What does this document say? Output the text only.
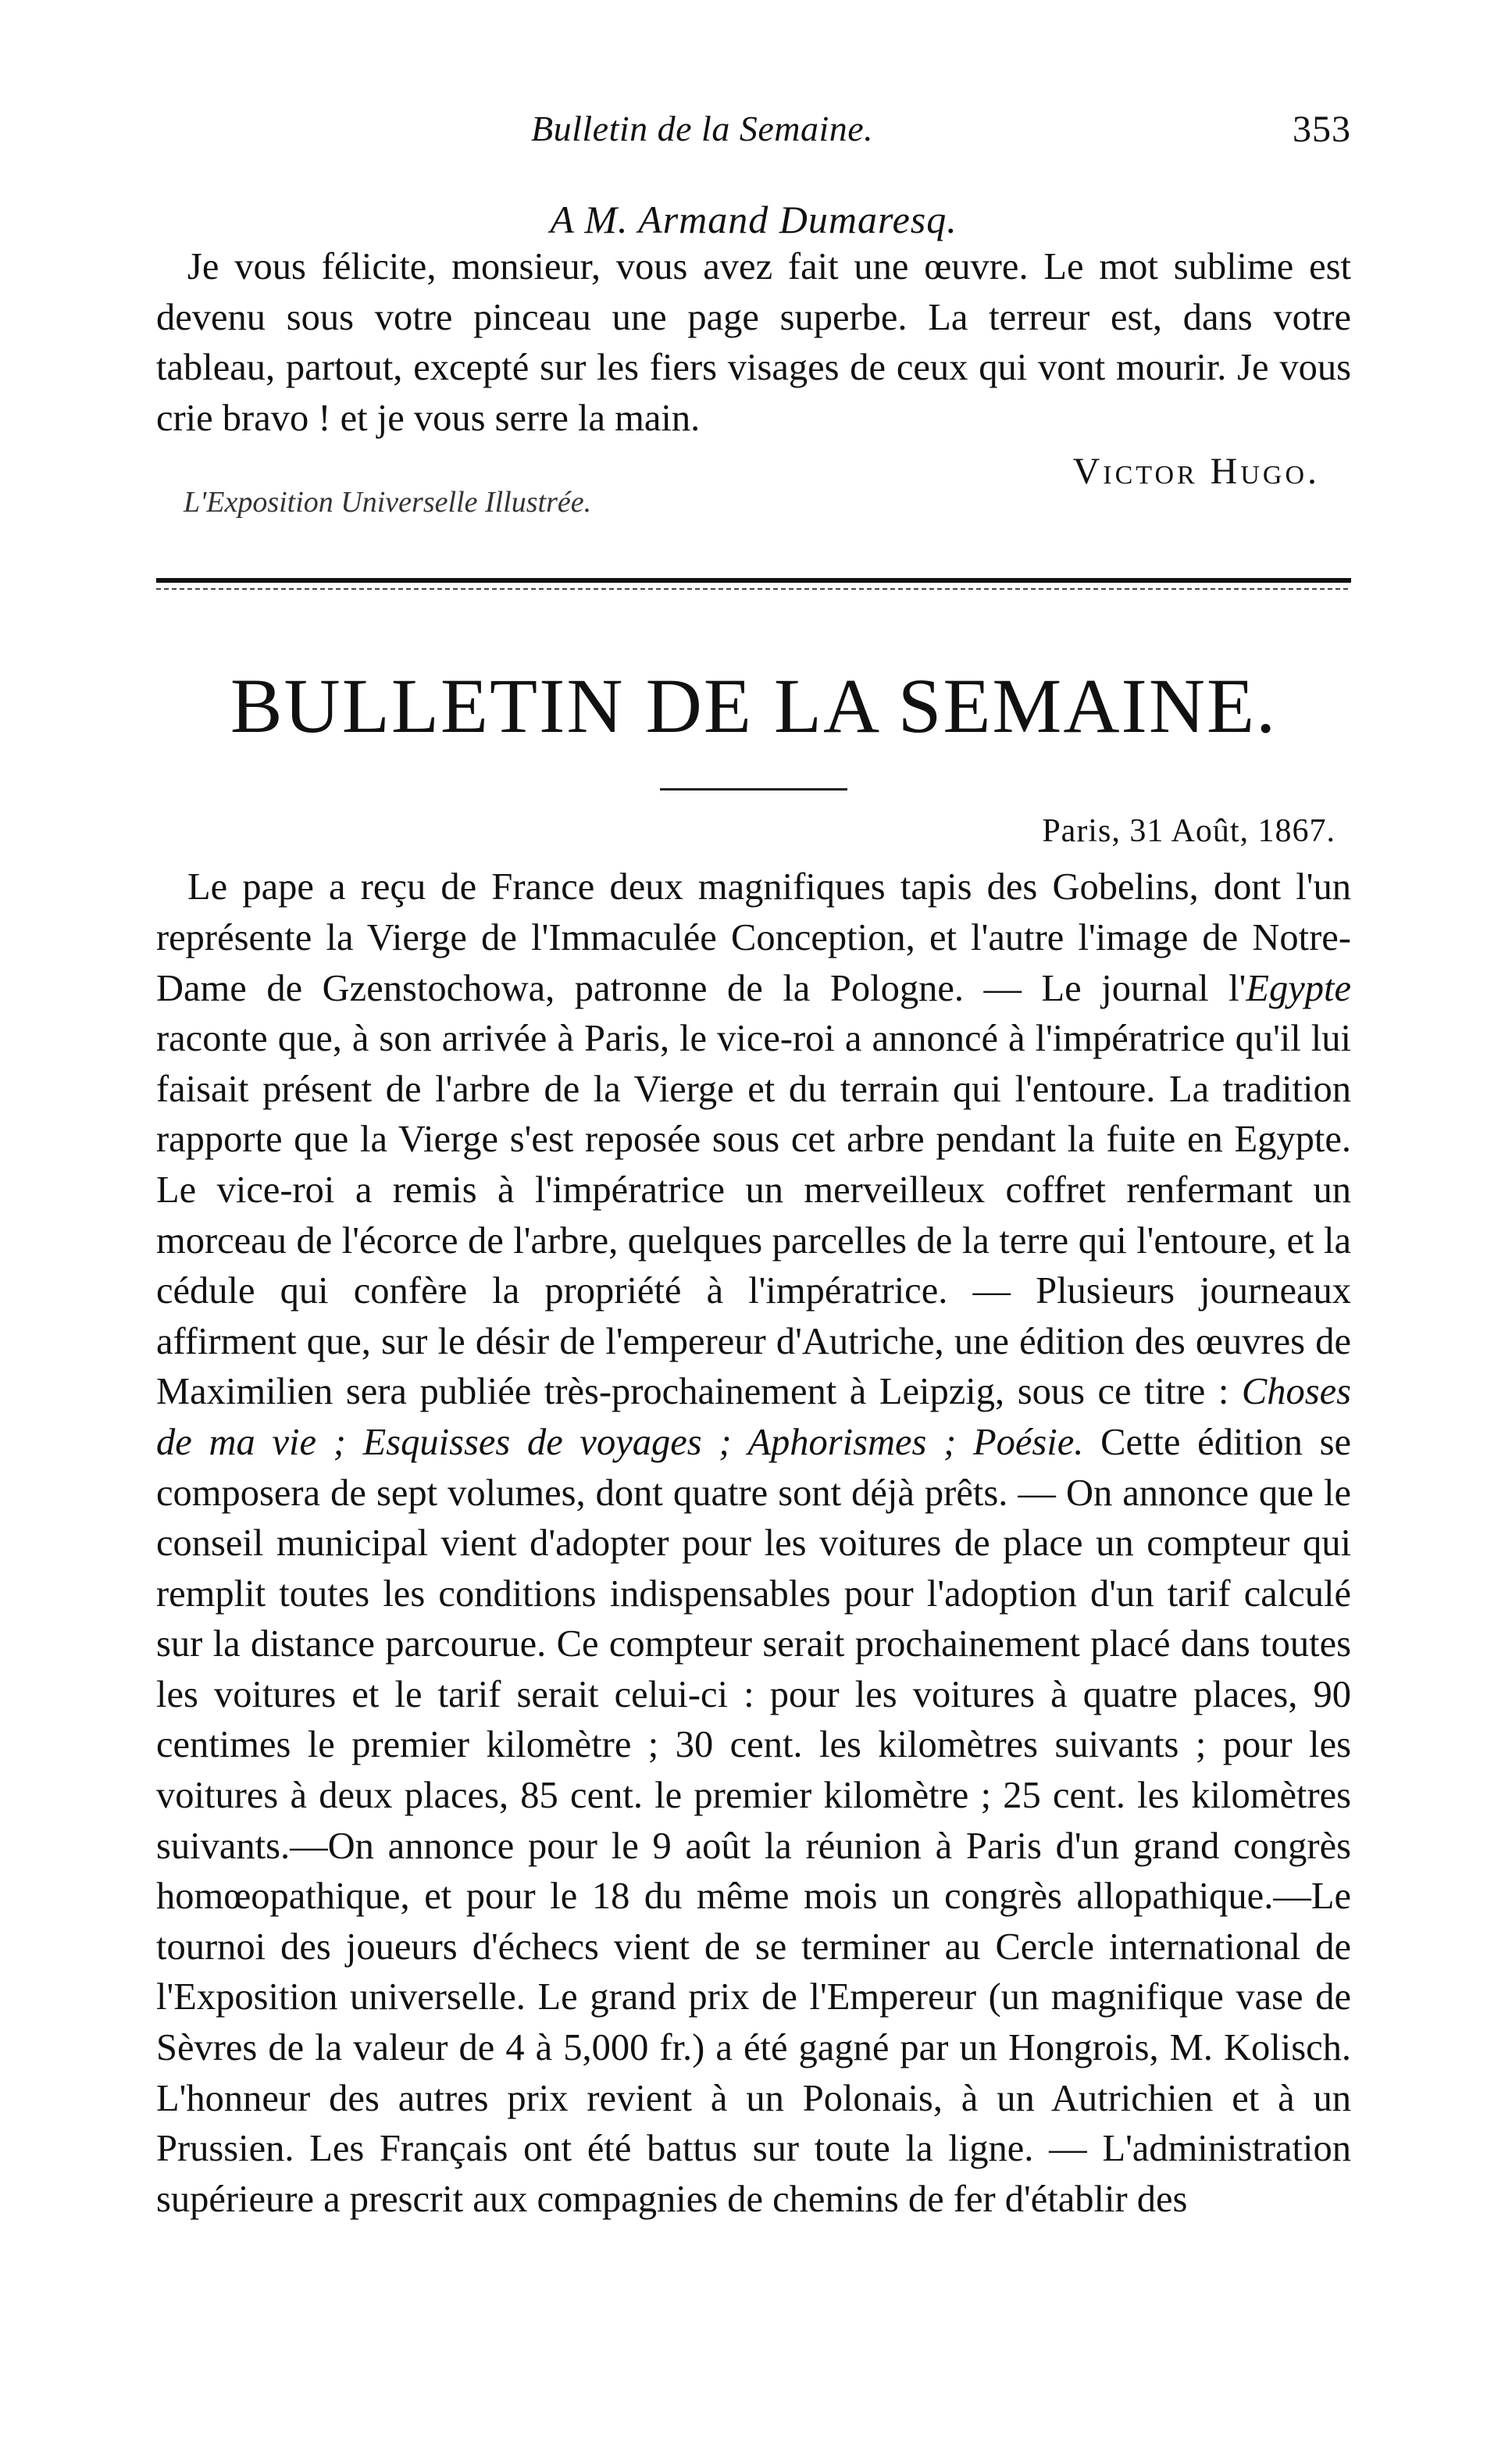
Bulletin de la Semaine.	353
A M. Armand Dumaresq.

Je vous félicite, monsieur, vous avez fait une œuvre. Le mot sublime est devenu sous votre pinceau une page superbe. La terreur est, dans votre tableau, partout, excepté sur les fiers visages de ceux qui vont mourir. Je vous crie bravo ! et je vous serre la main.

Victor Hugo.
L'Exposition Universelle Illustrée.
BULLETIN DE LA SEMAINE.
Paris, 31 Août, 1867.

Le pape a reçu de France deux magnifiques tapis des Gobelins, dont l'un représente la Vierge de l'Immaculée Conception, et l'autre l'image de Notre-Dame de Gzenstochowa, patronne de la Pologne. — Le journal l'Egypte raconte que, à son arrivée à Paris, le vice-roi a annoncé à l'impératrice qu'il lui faisait présent de l'arbre de la Vierge et du terrain qui l'entoure. La tradition rapporte que la Vierge s'est reposée sous cet arbre pendant la fuite en Egypte. Le vice-roi a remis à l'impératrice un merveilleux coffret renfermant un morceau de l'écorce de l'arbre, quelques parcelles de la terre qui l'entoure, et la cédule qui confère la propriété à l'impératrice. — Plusieurs journeaux affirment que, sur le désir de l'empereur d'Autriche, une édition des œuvres de Maximilien sera publiée très-prochainement à Leipzig, sous ce titre : Choses de ma vie ; Esquisses de voyages ; Aphorismes ; Poésie. Cette édition se composera de sept volumes, dont quatre sont déjà prêts. — On annonce que le conseil municipal vient d'adopter pour les voitures de place un compteur qui remplit toutes les conditions indispensables pour l'adoption d'un tarif calculé sur la distance parcourue. Ce compteur serait prochainement placé dans toutes les voitures et le tarif serait celui-ci : pour les voitures à quatre places, 90 centimes le premier kilomètre ; 30 cent. les kilomètres suivants ; pour les voitures à deux places, 85 cent. le premier kilomètre ; 25 cent. les kilomètres suivants.—On annonce pour le 9 août la réunion à Paris d'un grand congrès homœopathique, et pour le 18 du même mois un congrès allopathique.—Le tournoi des joueurs d'échecs vient de se terminer au Cercle international de l'Exposition universelle. Le grand prix de l'Empereur (un magnifique vase de Sèvres de la valeur de 4 à 5,000 fr.) a été gagné par un Hongrois, M. Kolisch. L'honneur des autres prix revient à un Polonais, à un Autrichien et à un Prussien. Les Français ont été battus sur toute la ligne. — L'administration supérieure a prescrit aux compagnies de chemins de fer d'établir des
